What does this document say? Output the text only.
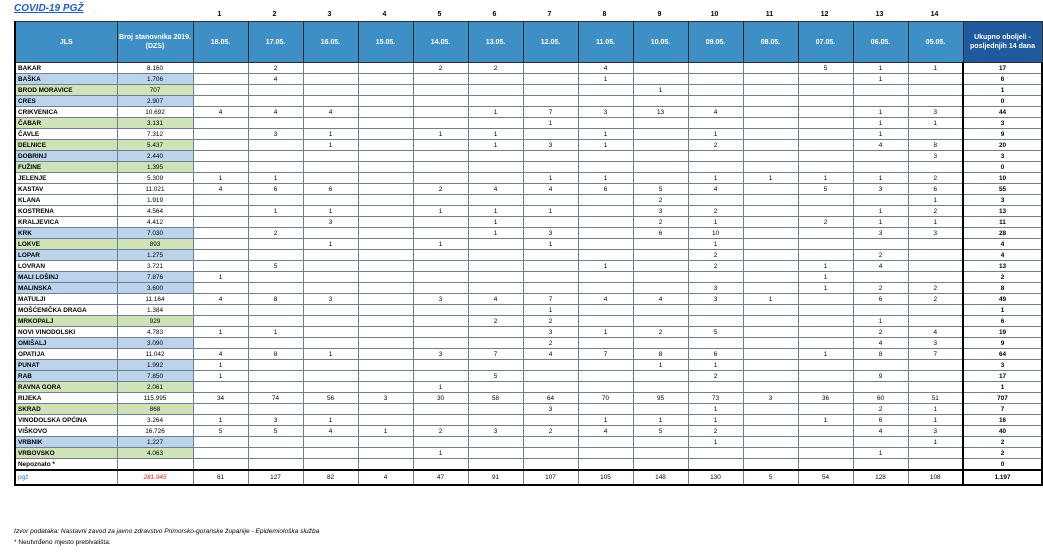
COVID-19 PGŽ
1	2	3	4	5	6	7	8	9	10	11	12	13	14
JLS	Broj stanovnika 2019. (DZS)	18.05.	17.05.	16.05.	15.05.	14.05.	13.05.	12.05.	11.05.	10.05.	09.05.	08.05.	07.05.	06.05.	05.05.	Ukupno oboljeli - posljednjih 14 dana
BAKAR	8.160		2			2	2		4				5	1	1	17
BAŠKA	1.706		4						1					1		6
BROD MORAVICE	707									1						1
CRES	2.907															0
CRIKVENICA	10.692	4	4	4			1	7	3	13	4			1	3	44
ČABAR	3.131							1						1	1	3
ČAVLE	7.312		3	1		1	1		1		1			1		9
DELNICE	5.437			1			1	3	1		2			4	8	20
DOBRINJ	2.440														3	3
FUŽINE	1.395															0
JELENJE	5.309	1	1					1	1		1	1	1	1	2	10
KASTAV	11.021	4	6	6		2	4	4	6	5	4		5	3	6	55
KLANA	1.919									2					1	3
KOSTRENA	4.564		1	1		1	1	1		3	2			1	2	13
KRALJEVICA	4.412			3			1			2	1		2	1	1	11
KRK	7.030		2				1	3		6	10			3	3	28
LOKVE	893			1		1		1			1					4
LOPAR	1.275										2			2		4
LOVRAN	3.721		5						1		2		1	4		13
MALI LOŠINJ	7.876	1											1			2
MALINSKA	3.600										3		1	2	2	8
MATULJI	11.164	4	8	3		3	4	7	4	4	3	1		6	2	49
MOŠĆENIČKA DRAGA	1.384							1								1
MRKOPALJ	929						2	2						1		6
NOVI VINODOLSKI	4.783	1	1					3	1	2	5			2	4	19
OMIŠALJ	3.090							2						4	3	9
OPATIJA	11.042	4	8	1		3	7	4	7	8	6		1	8	7	64
PUNAT	1.992	1								1	1					3
RAB	7.850	1					5				2			9		17
RAVNA GORA	2.061					1										1
RIJEKA	115.995	34	74	56	3	30	58	64	70	95	73	3	36	60	51	707
SKRAD	868							3			1			2	1	7
VINODOLSKA OPĆINA	3.264	1	3	1					1	1	1		1	6	1	16
VIŠKOVO	16.726	5	5	4	1	2	3	2	4	5	2			4	3	40
VRBNIK	1.227										1				1	2
VRBOVSKO	4.063					1								1		2
Nepoznato *																0
pgž	281.945	61	127	82	4	47	91	107	105	148	130	5	54	128	108	1.197
Izvor podataka: Nastavni zavod za javno zdravstvo Primorsko-goranske županije - Epidemiološka služba
* Neutvrđeno mjesto prebivališta.
